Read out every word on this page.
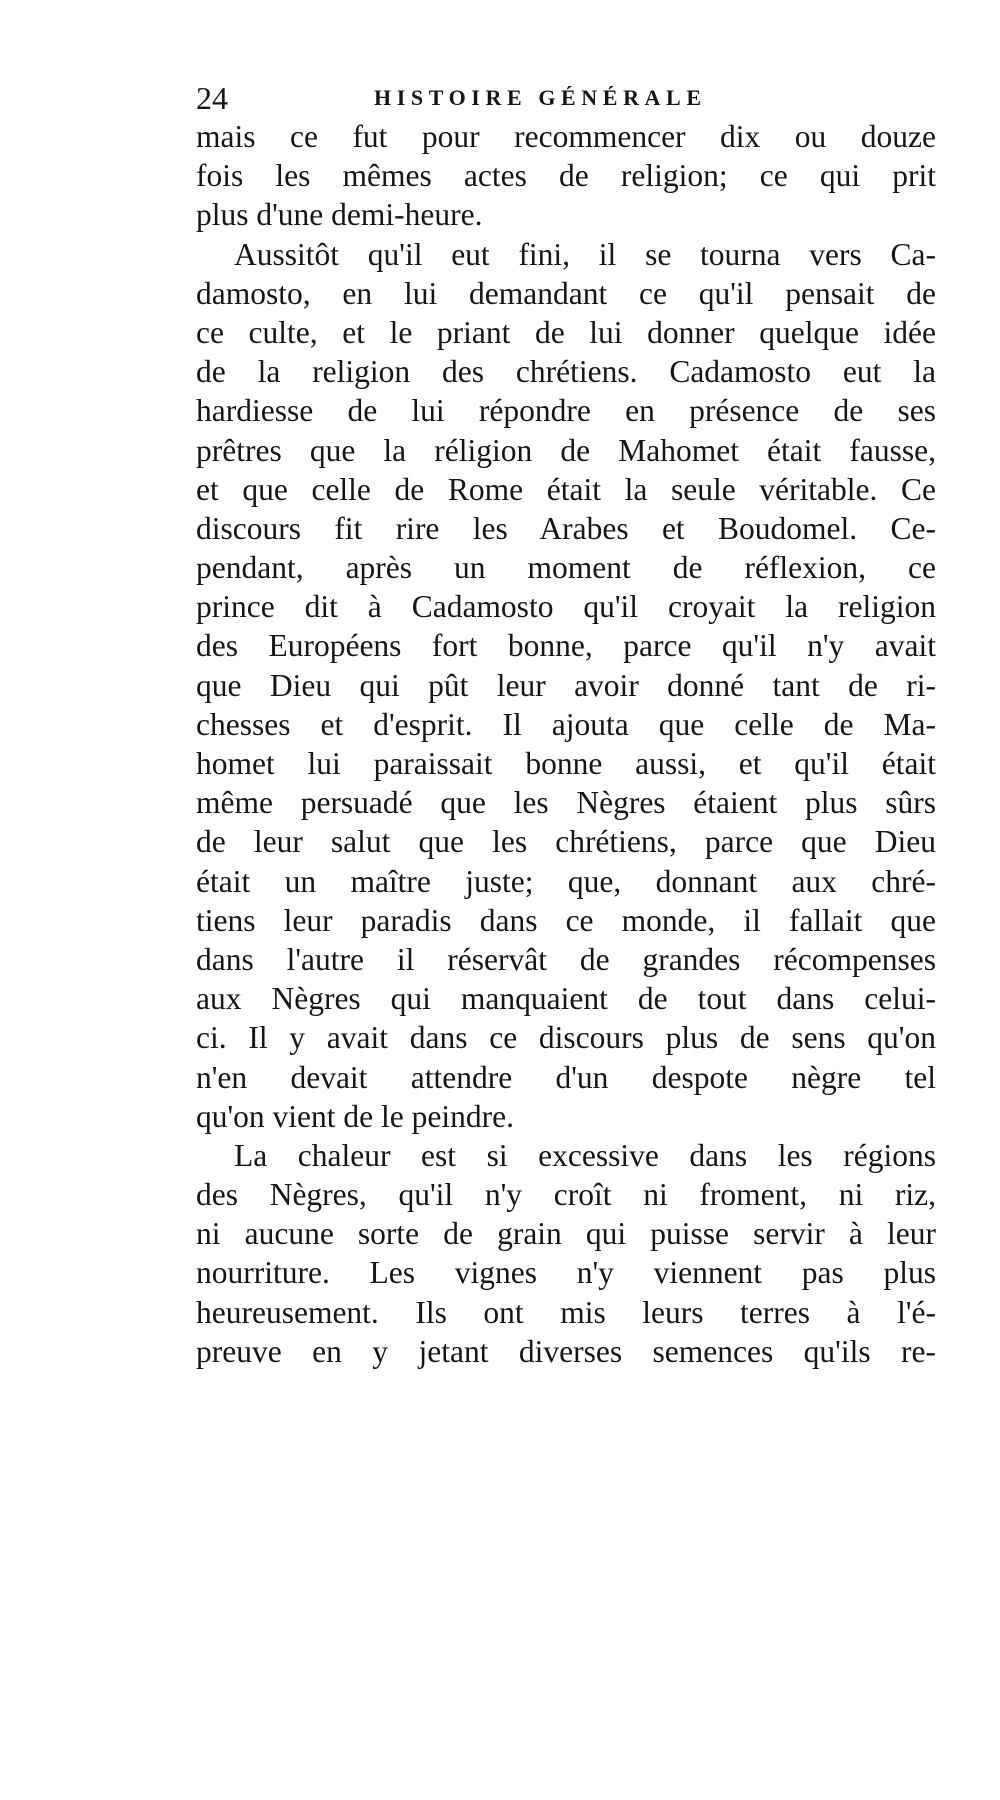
24	HISTOIRE GÉNÉRALE
mais ce fut pour recommencer dix ou douze
fois les mêmes actes de religion; ce qui prit
plus d'une demi-heure.
Aussitôt qu'il eut fini, il se tourna vers Ca-
damosto, en lui demandant ce qu'il pensait de
ce culte, et le priant de lui donner quelque idée
de la religion des chrétiens. Cadamosto eut la
hardiesse de lui répondre en présence de ses
prêtres que la réligion de Mahomet était fausse,
et que celle de Rome était la seule véritable. Ce
discours fit rire les Arabes et Boudomel. Ce-
pendant, après un moment de réflexion, ce
prince dit à Cadamosto qu'il croyait la religion
des Européens fort bonne, parce qu'il n'y avait
que Dieu qui pût leur avoir donné tant de ri-
chesses et d'esprit. Il ajouta que celle de Ma-
homet lui paraissait bonne aussi, et qu'il était
même persuadé que les Nègres étaient plus sûrs
de leur salut que les chrétiens, parce que Dieu
était un maître juste; que, donnant aux chré-
tiens leur paradis dans ce monde, il fallait que
dans l'autre il réservât de grandes récompenses
aux Nègres qui manquaient de tout dans celui-
ci. Il y avait dans ce discours plus de sens qu'on
n'en devait attendre d'un despote nègre tel
qu'on vient de le peindre.
La chaleur est si excessive dans les régions
des Nègres, qu'il n'y croît ni froment, ni riz,
ni aucune sorte de grain qui puisse servir à leur
nourriture. Les vignes n'y viennent pas plus
heureusement. Ils ont mis leurs terres à l'é-
preuve en y jetant diverses semences qu'ils re-
